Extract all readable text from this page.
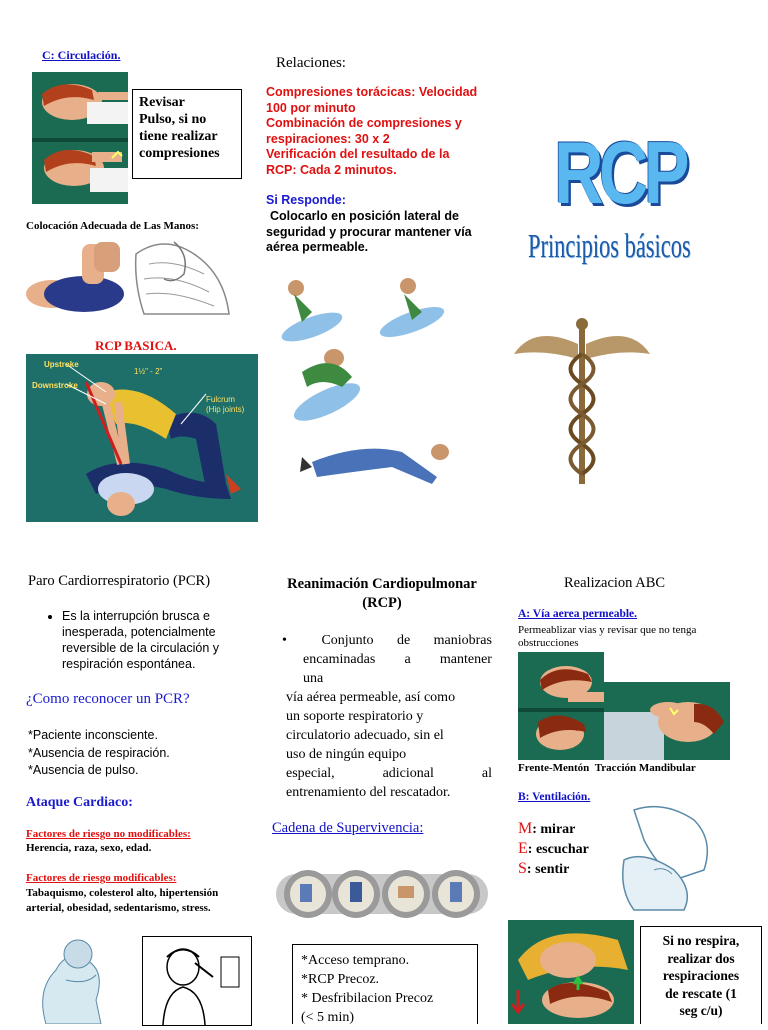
C: Circulación.
Revisar
Pulso, si no
tiene realizar
compresiones
Colocación Adecuada de Las Manos:
RCP BASICA.
Upstroke
Downstroke
1½" - 2"
Fulcrum
(Hip joints)
Relaciones:
Compresiones torácicas: Velocidad
100 por minuto
Combinación de compresiones y
respiraciones: 30 x 2
Verificación del resultado de la
RCP: Cada 2 minutos.
Si Responde:
Colocarlo en posición lateral de
seguridad y procurar mantener vía
aérea permeable.
RCP
Principios básicos
Paro Cardiorrespiratorio (PCR)
• Es la interrupción brusca e
inesperada, potencialmente
reversible de la circulación y
respiración espontánea.
¿Como reconocer un PCR?
*Paciente inconsciente.
*Ausencia de respiración.
*Ausencia de pulso.
Ataque Cardiaco:
Factores de riesgo no modificables:
Herencia, raza, sexo, edad.
Factores de riesgo modificables:
Tabaquismo, colesterol alto, hipertensión
arterial, obesidad, sedentarismo, stress.
Reanimación Cardiopulmonar
(RCP)
• Conjunto de maniobras
encaminadas a mantener
una
vía aérea permeable, así como
un soporte respiratorio y
circulatorio adecuado, sin el
uso de ningún equipo
especial,	adicional	al
entrenamiento del rescatador.
Cadena de Supervivencia:
*Acceso temprano.
*RCP Precoz.
* Desfribilacion Precoz
(< 5 min)
Realizacion ABC
A: Vía aerea permeable.
Permeablizar vias y revisar que no tenga
obstrucciones
Frente-Mentón Tracción Mandibular
B: Ventilación.
M: mirar
E: escuchar
S: sentir
Si no respira,
realizar dos
respiraciones
de rescate (1
seg c/u)
